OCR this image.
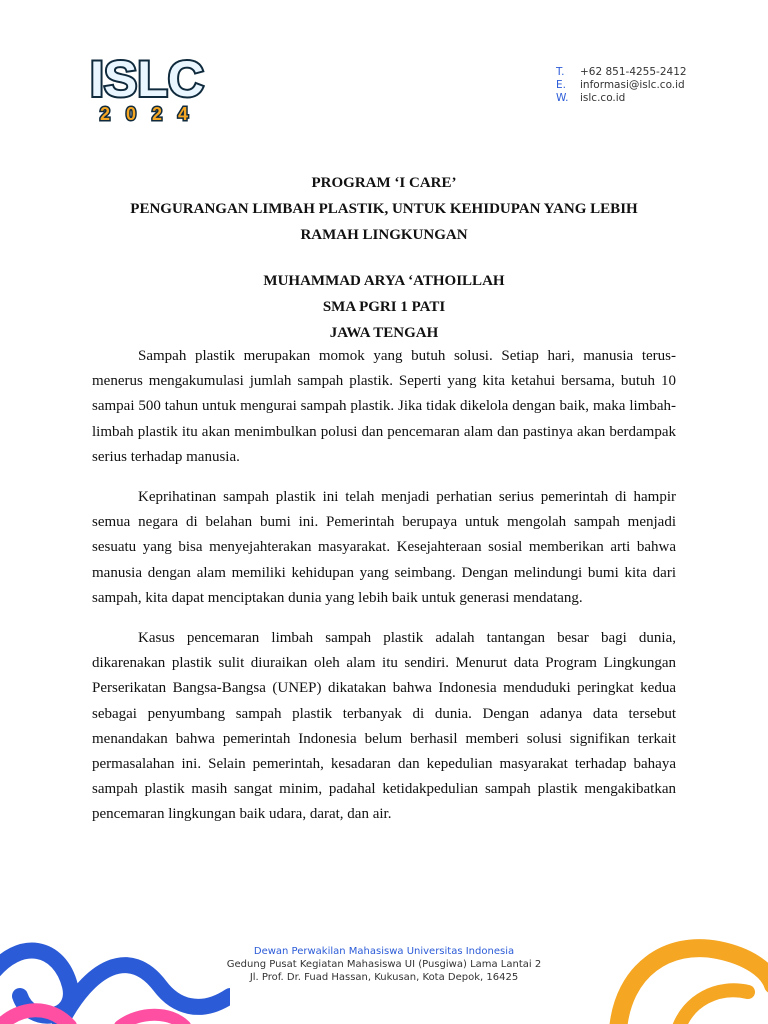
ISLC
2024
T.	+62 851-4255-2412
E.	informasi@islc.co.id
W.	islc.co.id
PROGRAM ‘I CARE’
PENGURANGAN LIMBAH PLASTIK, UNTUK KEHIDUPAN YANG LEBIH
RAMAH LINGKUNGAN
MUHAMMAD ARYA ‘ATHOILLAH
SMA PGRI 1 PATI
JAWA TENGAH

Sampah plastik merupakan momok yang butuh solusi. Setiap hari, manusia terus-menerus mengakumulasi jumlah sampah plastik. Seperti yang kita ketahui bersama, butuh 10 sampai 500 tahun untuk mengurai sampah plastik. Jika tidak dikelola dengan baik, maka limbah-limbah plastik itu akan menimbulkan polusi dan pencemaran alam dan pastinya akan berdampak serius terhadap manusia.

Keprihatinan sampah plastik ini telah menjadi perhatian serius pemerintah di hampir semua negara di belahan bumi ini. Pemerintah berupaya untuk mengolah sampah menjadi sesuatu yang bisa menyejahterakan masyarakat. Kesejahteraan sosial memberikan arti bahwa manusia dengan alam memiliki kehidupan yang seimbang. Dengan melindungi bumi kita dari sampah, kita dapat menciptakan dunia yang lebih baik untuk generasi mendatang.

Kasus pencemaran limbah sampah plastik adalah tantangan besar bagi dunia, dikarenakan plastik sulit diuraikan oleh alam itu sendiri. Menurut data Program Lingkungan Perserikatan Bangsa-Bangsa (UNEP) dikatakan bahwa Indonesia menduduki peringkat kedua sebagai penyumbang sampah plastik terbanyak di dunia. Dengan adanya data tersebut menandakan bahwa pemerintah Indonesia belum berhasil memberi solusi signifikan terkait permasalahan ini. Selain pemerintah, kesadaran dan kepedulian masyarakat terhadap bahaya sampah plastik masih sangat minim, padahal ketidakpedulian sampah plastik mengakibatkan pencemaran lingkungan baik udara, darat, dan air.

Dewan Perwakilan Mahasiswa Universitas Indonesia
Gedung Pusat Kegiatan Mahasiswa UI (Pusgiwa) Lama Lantai 2
Jl. Prof. Dr. Fuad Hassan, Kukusan, Kota Depok, 16425
